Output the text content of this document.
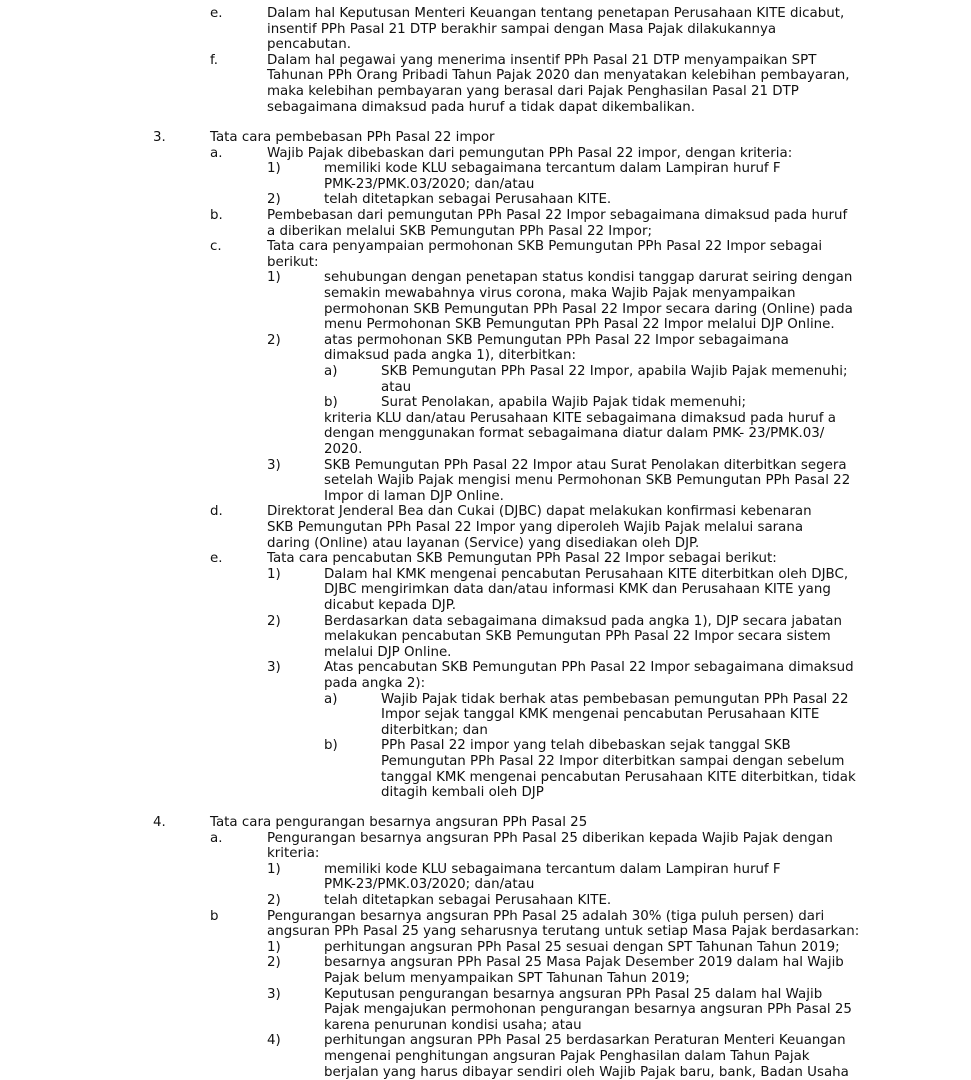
e.	Dalam hal Keputusan Menteri Keuangan tentang penetapan Perusahaan KITE dicabut,
insentif PPh Pasal 21 DTP berakhir sampai dengan Masa Pajak dilakukannya
pencabutan.
f.	Dalam hal pegawai yang menerima insentif PPh Pasal 21 DTP menyampaikan SPT
Tahunan PPh Orang Pribadi Tahun Pajak 2020 dan menyatakan kelebihan pembayaran,
maka kelebihan pembayaran yang berasal dari Pajak Penghasilan Pasal 21 DTP
sebagaimana dimaksud pada huruf a tidak dapat dikembalikan.
3.	Tata cara pembebasan PPh Pasal 22 impor
a.	Wajib Pajak dibebaskan dari pemungutan PPh Pasal 22 impor, dengan kriteria:
1)	memiliki kode KLU sebagaimana tercantum dalam Lampiran huruf F
PMK-23/PMK.03/2020; dan/atau
2)	telah ditetapkan sebagai Perusahaan KITE.
b.	Pembebasan dari pemungutan PPh Pasal 22 Impor sebagaimana dimaksud pada huruf
a diberikan melalui SKB Pemungutan PPh Pasal 22 Impor;
c.	Tata cara penyampaian permohonan SKB Pemungutan PPh Pasal 22 Impor sebagai
berikut:
1)	sehubungan dengan penetapan status kondisi tanggap darurat seiring dengan
semakin mewabahnya virus corona, maka Wajib Pajak menyampaikan
permohonan SKB Pemungutan PPh Pasal 22 Impor secara daring (Online) pada
menu Permohonan SKB Pemungutan PPh Pasal 22 Impor melalui DJP Online.
2)	atas permohonan SKB Pemungutan PPh Pasal 22 Impor sebagaimana
dimaksud pada angka 1), diterbitkan:
a)	SKB Pemungutan PPh Pasal 22 Impor, apabila Wajib Pajak memenuhi;
atau
b)	Surat Penolakan, apabila Wajib Pajak tidak memenuhi;
kriteria KLU dan/atau Perusahaan KITE sebagaimana dimaksud pada huruf a
dengan menggunakan format sebagaimana diatur dalam PMK- 23/PMK.03/
2020.
3)	SKB Pemungutan PPh Pasal 22 Impor atau Surat Penolakan diterbitkan segera
setelah Wajib Pajak mengisi menu Permohonan SKB Pemungutan PPh Pasal 22
Impor di laman DJP Online.
d.	Direktorat Jenderal Bea dan Cukai (DJBC) dapat melakukan konfirmasi kebenaran
SKB Pemungutan PPh Pasal 22 Impor yang diperoleh Wajib Pajak melalui sarana
daring (Online) atau layanan (Service) yang disediakan oleh DJP.
e.	Tata cara pencabutan SKB Pemungutan PPh Pasal 22 Impor sebagai berikut:
1)	Dalam hal KMK mengenai pencabutan Perusahaan KITE diterbitkan oleh DJBC,
DJBC mengirimkan data dan/atau informasi KMK dan Perusahaan KITE yang
dicabut kepada DJP.
2)	Berdasarkan data sebagaimana dimaksud pada angka 1), DJP secara jabatan
melakukan pencabutan SKB Pemungutan PPh Pasal 22 Impor secara sistem
melalui DJP Online.
3)	Atas pencabutan SKB Pemungutan PPh Pasal 22 Impor sebagaimana dimaksud
pada angka 2):
a)	Wajib Pajak tidak berhak atas pembebasan pemungutan PPh Pasal 22
Impor sejak tanggal KMK mengenai pencabutan Perusahaan KITE
diterbitkan; dan
b)	PPh Pasal 22 impor yang telah dibebaskan sejak tanggal SKB
Pemungutan PPh Pasal 22 Impor diterbitkan sampai dengan sebelum
tanggal KMK mengenai pencabutan Perusahaan KITE diterbitkan, tidak
ditagih kembali oleh DJP
4.	Tata cara pengurangan besarnya angsuran PPh Pasal 25
a.	Pengurangan besarnya angsuran PPh Pasal 25 diberikan kepada Wajib Pajak dengan
kriteria:
1)	memiliki kode KLU sebagaimana tercantum dalam Lampiran huruf F
PMK-23/PMK.03/2020; dan/atau
2)	telah ditetapkan sebagai Perusahaan KITE.
b	Pengurangan besarnya angsuran PPh Pasal 25 adalah 30% (tiga puluh persen) dari
angsuran PPh Pasal 25 yang seharusnya terutang untuk setiap Masa Pajak berdasarkan:
1)	perhitungan angsuran PPh Pasal 25 sesuai dengan SPT Tahunan Tahun 2019;
2)	besarnya angsuran PPh Pasal 25 Masa Pajak Desember 2019 dalam hal Wajib
Pajak belum menyampaikan SPT Tahunan Tahun 2019;
3)	Keputusan pengurangan besarnya angsuran PPh Pasal 25 dalam hal Wajib
Pajak mengajukan permohonan pengurangan besarnya angsuran PPh Pasal 25
karena penurunan kondisi usaha; atau
4)	perhitungan angsuran PPh Pasal 25 berdasarkan Peraturan Menteri Keuangan
mengenai penghitungan angsuran Pajak Penghasilan dalam Tahun Pajak
berjalan yang harus dibayar sendiri oleh Wajib Pajak baru, bank, Badan Usaha
